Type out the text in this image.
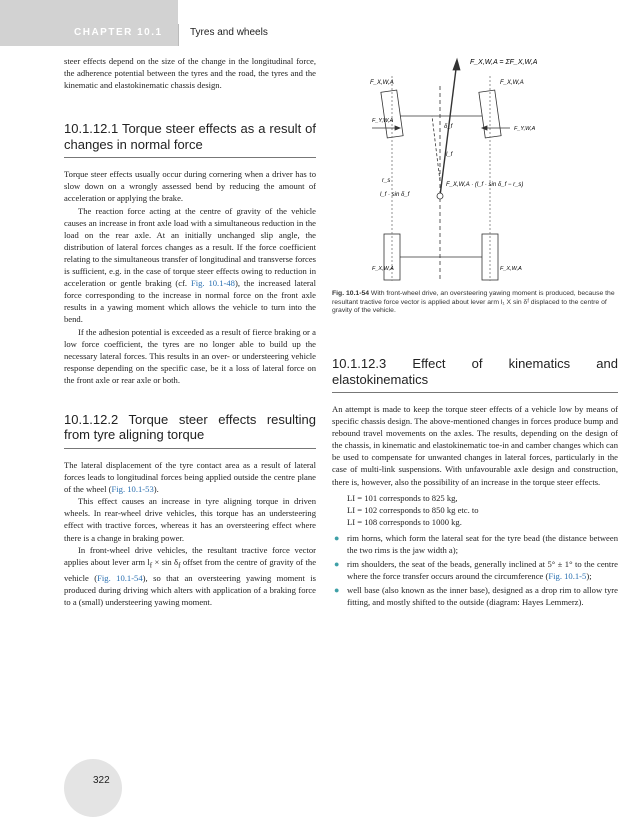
CHAPTER 10.1	Tyres and wheels

steer effects depend on the size of the change in the longitudinal force, the adherence potential between the tyres and the road, the tyres and the kinematic and elastokinematic chassis design.

10.1.12.1 Torque steer effects as a result of changes in normal force

Torque steer effects usually occur during cornering when a driver has to slow down on a wrongly assessed bend by reducing the amount of acceleration or applying the brake.

The reaction force acting at the centre of gravity of the vehicle causes an increase in front axle load with a simultaneous reduction in the load on the rear axle. At an initially unchanged slip angle, the distribution of lateral forces changes as a result. If the force coefficient relating to the simultaneous transfer of longitudinal and transverse forces is sufficient, e.g. in the case of torque steer effects owing to reduction in acceleration or gentle braking (cf. Fig. 10.1-48), the increased lateral force corresponding to the increase in normal force on the front axle results in a yawing moment which allows the vehicle to turn into the bend.

If the adhesion potential is exceeded as a result of fierce braking or a low force coefficient, the tyres are no longer able to build up the necessary lateral forces. This results in an over- or understeering vehicle response depending on the specific case, be it a loss of lateral force on the front axle or rear axle or both.

10.1.12.2 Torque steer effects resulting from tyre aligning torque

The lateral displacement of the tyre contact area as a result of lateral forces leads to longitudinal forces being applied outside the centre plane of the wheel (Fig. 10.1-53).

This effect causes an increase in tyre aligning torque in driven wheels. In rear-wheel drive vehicles, this torque has an understeering effect with tractive forces, whereas it has an oversteering effect where there is a change in braking power.

In front-wheel drive vehicles, the resultant tractive force vector applies about lever arm $l_f \times \sin \delta_f$ offset from the centre of gravity of the vehicle (Fig. 10.1-54), so that an oversteering yawing moment is produced during driving which alters with application of a braking force to a (small) understeering yawing moment.

F_X,W,A = ΣF_X,W,A
F_X,W,A	F_X,W,A
F_Y,W,A
F_Y,W,A
δ_f
l_f
r_s
F_X,W,A · (l_f · sin δ_f − r_s)
l_f · sin δ_f
F_X,W,A	F_X,W,A
Fig. 10.1-54 With front-wheel drive, an oversteering yawing moment is produced, because the resultant tractive force vector is applied about lever arm l₁ X sin δᶠ displaced to the centre of gravity of the vehicle.
10.1.12.3 Effect of kinematics and elastokinematics

An attempt is made to keep the torque steer effects of a vehicle low by means of specific chassis design. The above-mentioned changes in forces produce bump and rebound travel movements on the axles. The results, depending on the design of the chassis, in kinematic and elastokinematic toe-in and camber changes which can be used to compensate for unwanted changes in lateral forces, particularly in the case of multi-link suspensions. With unfavourable axle design and construction, there is, however, also the possibility of an increase in the torque steer effects.

LI = 101 corresponds to 825 kg,

LI = 102 corresponds to 850 kg etc. to

LI = 108 corresponds to 1000 kg.

● rim horns, which form the lateral seat for the tyre bead (the distance between the two rims is the jaw width a);
● rim shoulders, the seat of the beads, generally inclined at 5° ± 1° to the centre where the force transfer occurs around the circumference (Fig. 10.1-5);
● well base (also known as the inner base), designed as a drop rim to allow tyre fitting, and mostly shifted to the outside (diagram: Hayes Lemmerz).
322
